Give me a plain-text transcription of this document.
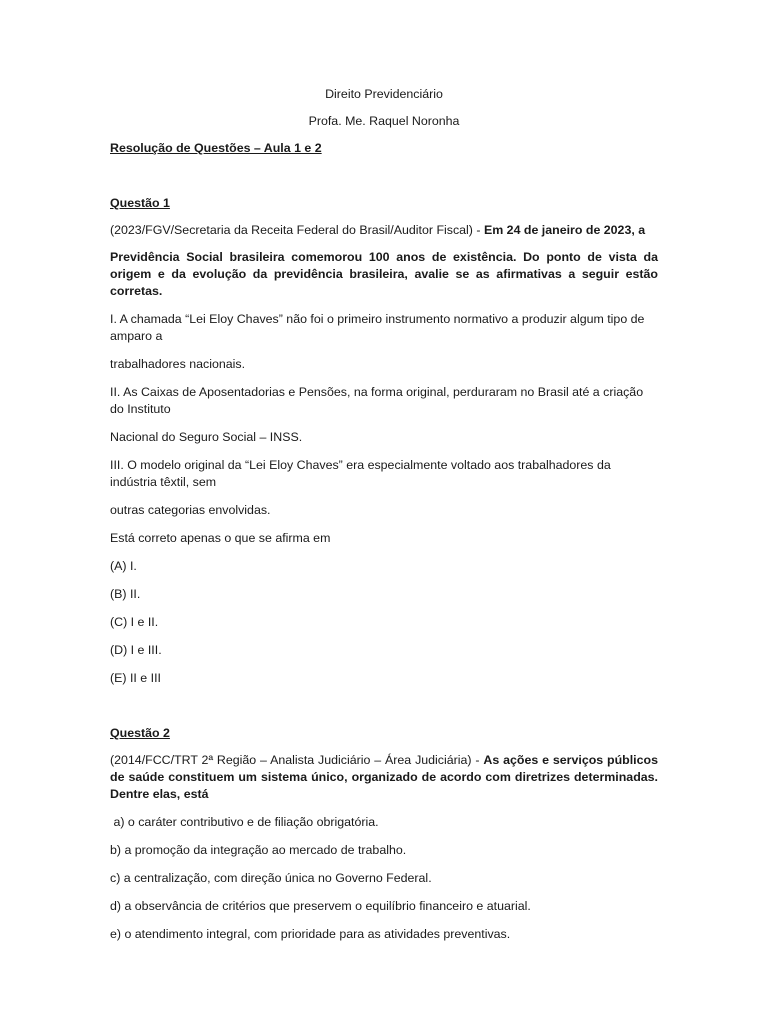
Direito Previdenciário

Profa. Me. Raquel Noronha

Resolução de Questões – Aula 1 e 2

Questão 1

(2023/FGV/Secretaria da Receita Federal do Brasil/Auditor Fiscal) - Em 24 de janeiro de 2023, a

Previdência Social brasileira comemorou 100 anos de existência. Do ponto de vista da origem e da evolução da previdência brasileira, avalie se as afirmativas a seguir estão corretas.

I. A chamada “Lei Eloy Chaves” não foi o primeiro instrumento normativo a produzir algum tipo de amparo a

trabalhadores nacionais.

II. As Caixas de Aposentadorias e Pensões, na forma original, perduraram no Brasil até a criação do Instituto

Nacional do Seguro Social – INSS.

III. O modelo original da “Lei Eloy Chaves” era especialmente voltado aos trabalhadores da indústria têxtil, sem

outras categorias envolvidas.

Está correto apenas o que se afirma em

(A) I.

(B) II.

(C) I e II.

(D) I e III.

(E) II e III

Questão 2

(2014/FCC/TRT 2ª Região – Analista Judiciário – Área Judiciária) - As ações e serviços públicos de saúde constituem um sistema único, organizado de acordo com diretrizes determinadas. Dentre elas, está

a) o caráter contributivo e de filiação obrigatória.

b) a promoção da integração ao mercado de trabalho.

c) a centralização, com direção única no Governo Federal.

d) a observância de critérios que preservem o equilíbrio financeiro e atuarial.

e) o atendimento integral, com prioridade para as atividades preventivas.
